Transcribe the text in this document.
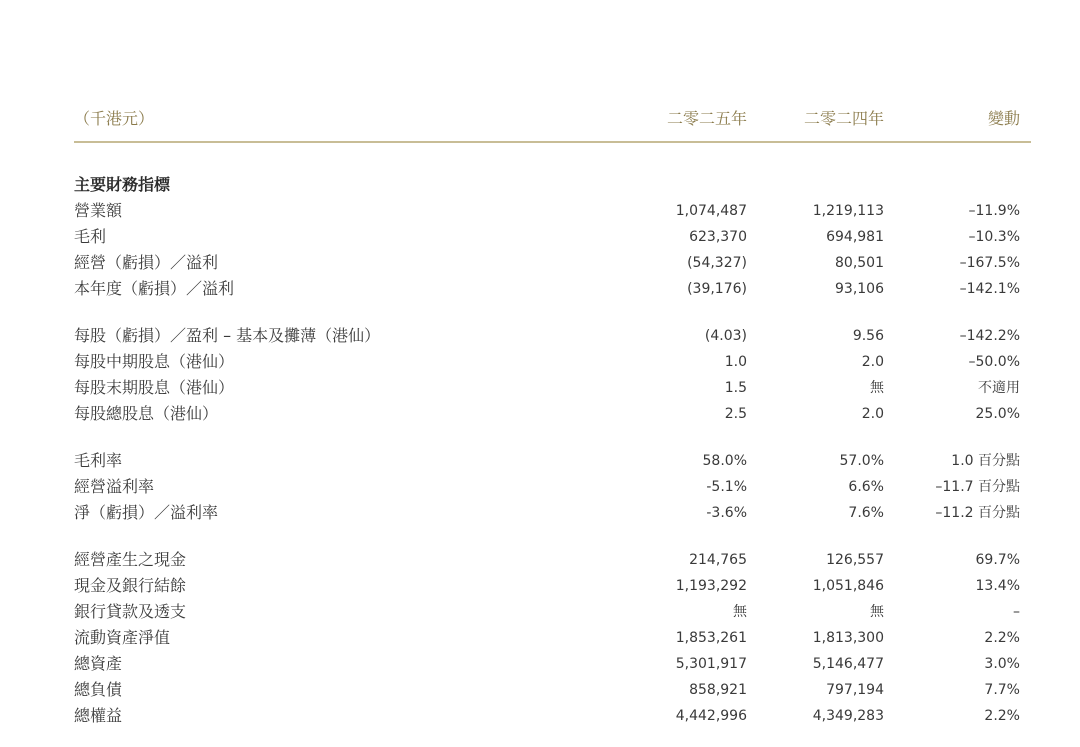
（千港元）	二零二五年	二零二四年	變動
主要財務指標
營業額	1,074,487	1,219,113	–11.9%
毛利	623,370	694,981	–10.3%
經營（虧損）／溢利	(54,327)	80,501	–167.5%
本年度（虧損）／溢利	(39,176)	93,106	–142.1%
每股（虧損）／盈利 – 基本及攤薄（港仙）	(4.03)	9.56	–142.2%
每股中期股息（港仙）	1.0	2.0	–50.0%
每股末期股息（港仙）	1.5	無	不適用
每股總股息（港仙）	2.5	2.0	25.0%
毛利率	58.0%	57.0%	1.0 百分點
經營溢利率	-5.1%	6.6%	–11.7 百分點
淨（虧損）／溢利率	-3.6%	7.6%	–11.2 百分點
經營產生之現金	214,765	126,557	69.7%
現金及銀行結餘	1,193,292	1,051,846	13.4%
銀行貸款及透支	無	無	–
流動資產淨值	1,853,261	1,813,300	2.2%
總資產	5,301,917	5,146,477	3.0%
總負債	858,921	797,194	7.7%
總權益	4,442,996	4,349,283	2.2%
